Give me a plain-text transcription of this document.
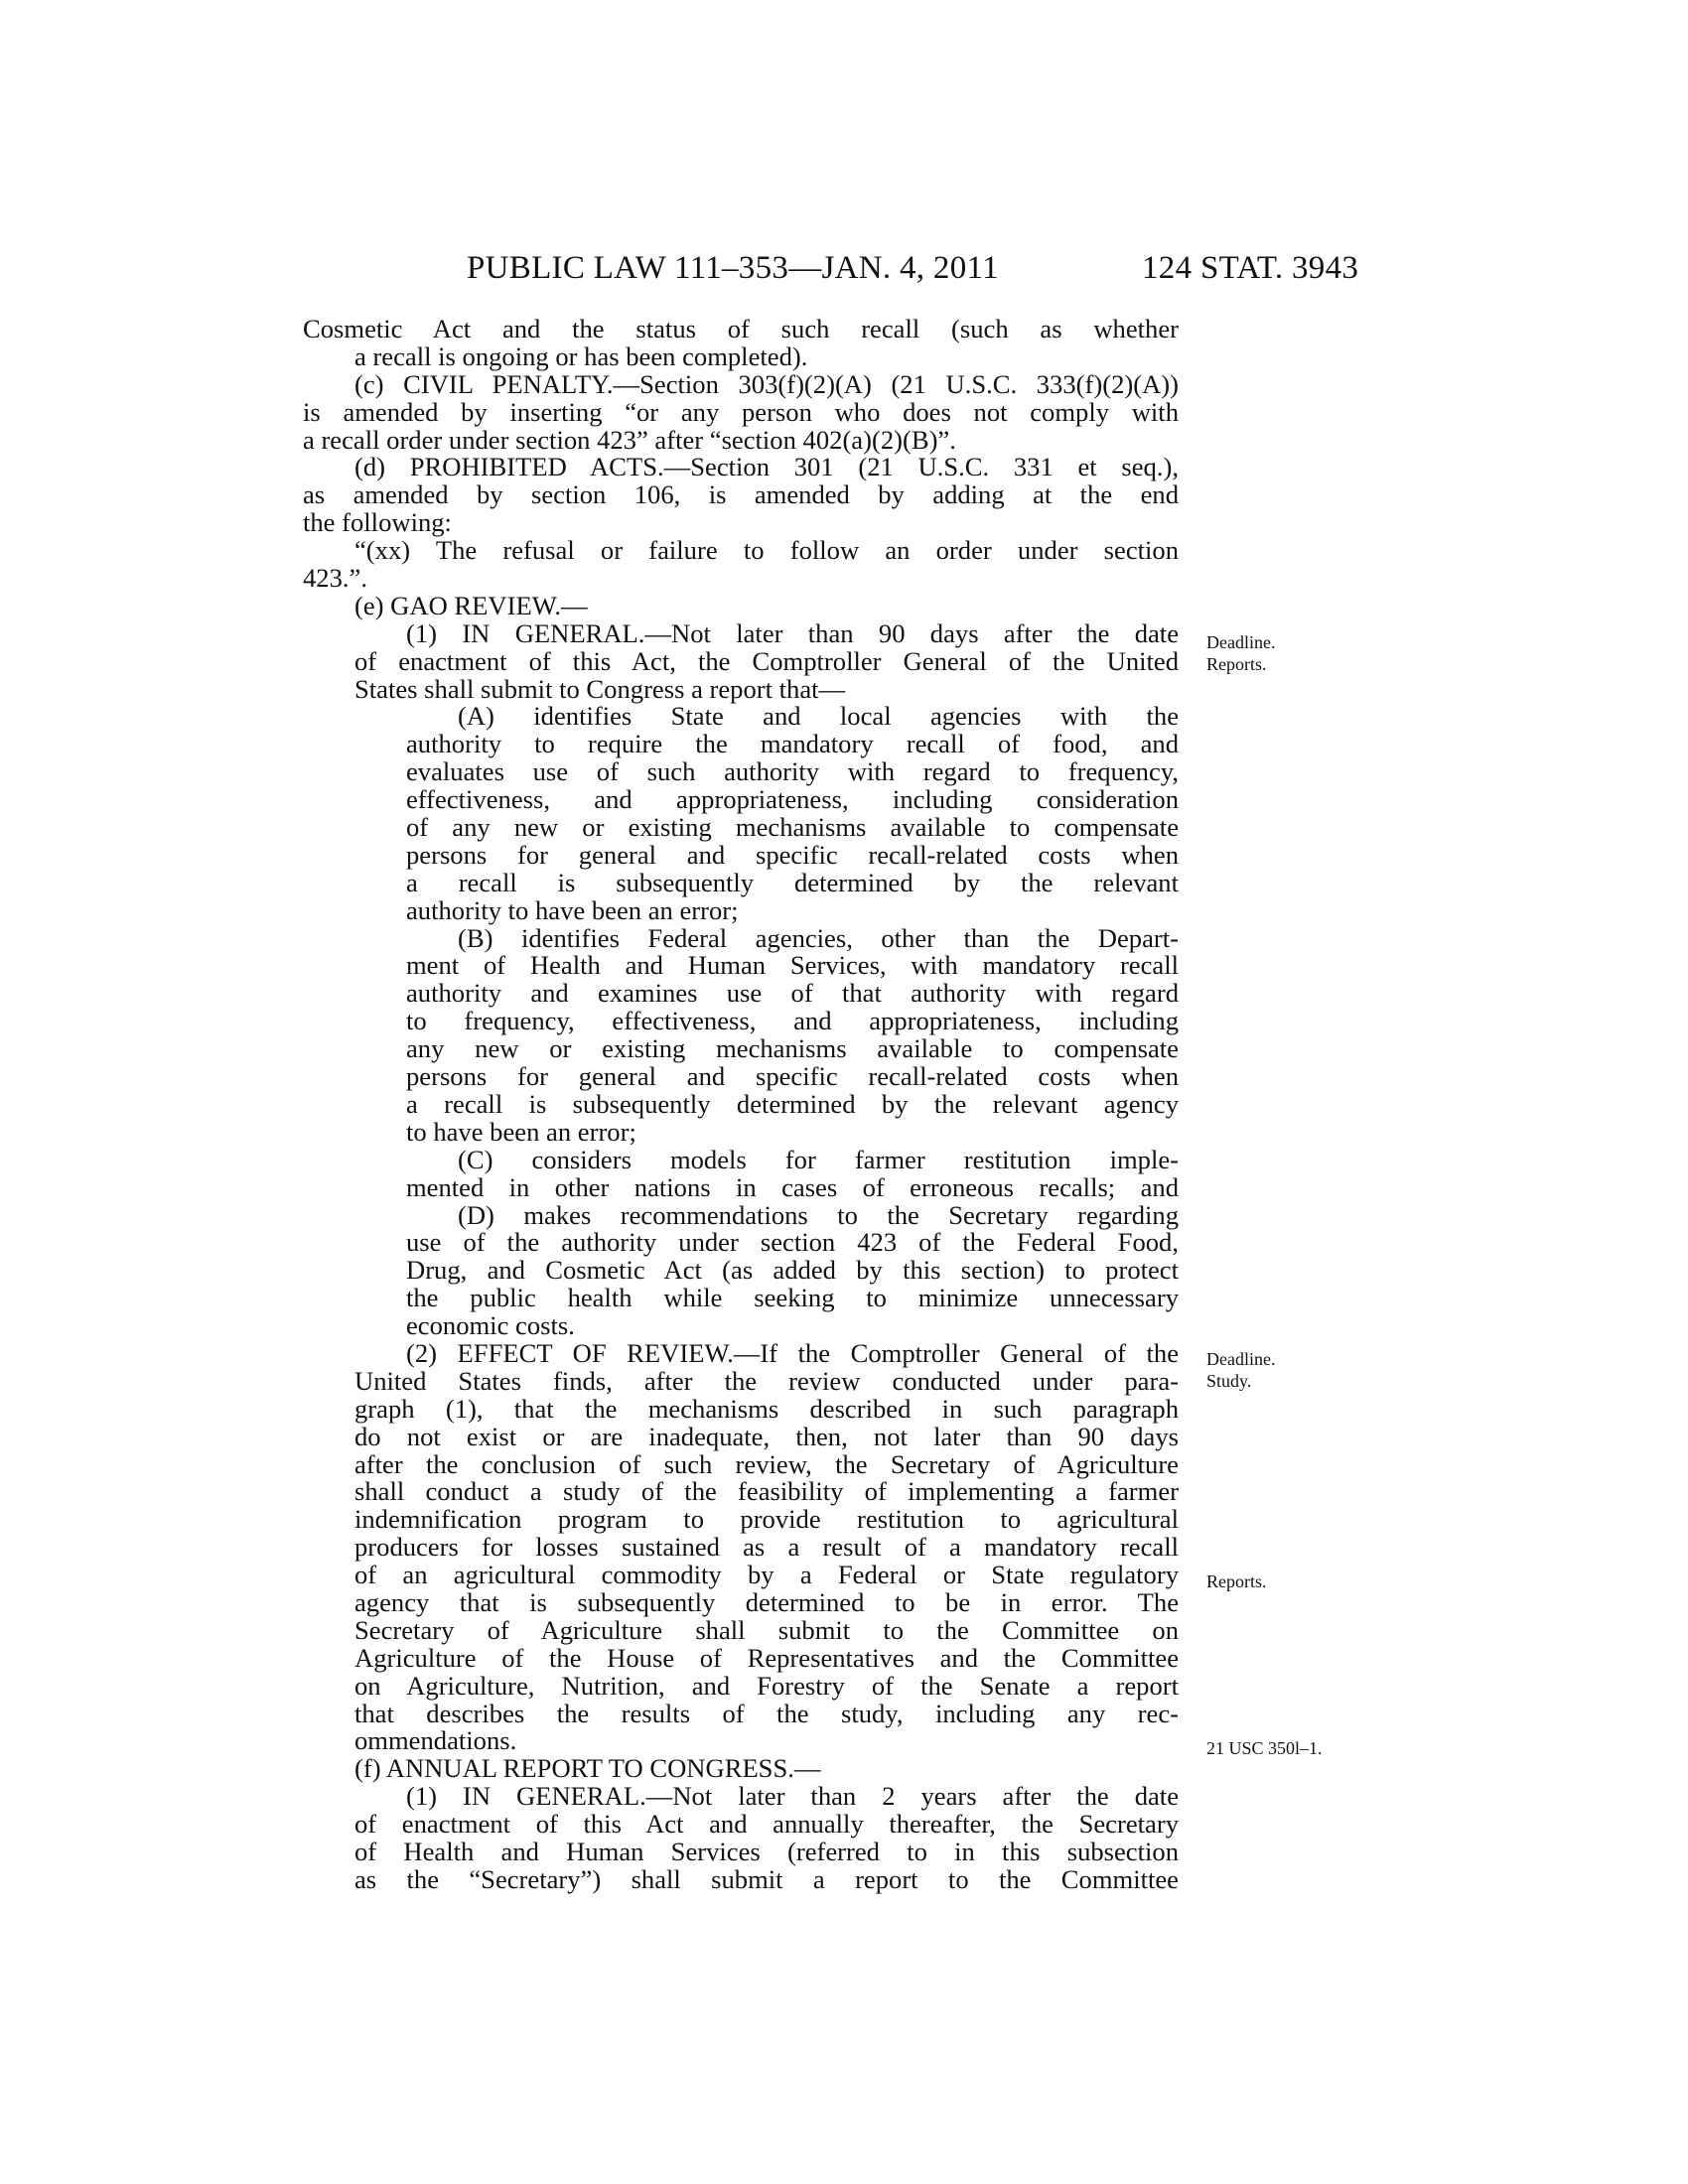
PUBLIC LAW 111–353—JAN. 4, 2011	124 STAT. 3943
Cosmetic Act and the status of such recall (such as whether
a recall is ongoing or has been completed).
(c) CIVIL PENALTY.—Section 303(f)(2)(A) (21 U.S.C. 333(f)(2)(A))
is amended by inserting “or any person who does not comply with
a recall order under section 423” after “section 402(a)(2)(B)”.
(d) PROHIBITED ACTS.—Section 301 (21 U.S.C. 331 et seq.),
as amended by section 106, is amended by adding at the end
the following:
“(xx) The refusal or failure to follow an order under section
423.”.
(e) GAO REVIEW.—
(1) IN GENERAL.—Not later than 90 days after the date
of enactment of this Act, the Comptroller General of the United
States shall submit to Congress a report that—
(A) identifies State and local agencies with the
authority to require the mandatory recall of food, and
evaluates use of such authority with regard to frequency,
effectiveness, and appropriateness, including consideration
of any new or existing mechanisms available to compensate
persons for general and specific recall-related costs when
a recall is subsequently determined by the relevant
authority to have been an error;
(B) identifies Federal agencies, other than the Depart-
ment of Health and Human Services, with mandatory recall
authority and examines use of that authority with regard
to frequency, effectiveness, and appropriateness, including
any new or existing mechanisms available to compensate
persons for general and specific recall-related costs when
a recall is subsequently determined by the relevant agency
to have been an error;
(C) considers models for farmer restitution imple-
mented in other nations in cases of erroneous recalls; and
(D) makes recommendations to the Secretary regarding
use of the authority under section 423 of the Federal Food,
Drug, and Cosmetic Act (as added by this section) to protect
the public health while seeking to minimize unnecessary
economic costs.
(2) EFFECT OF REVIEW.—If the Comptroller General of the
United States finds, after the review conducted under para-
graph (1), that the mechanisms described in such paragraph
do not exist or are inadequate, then, not later than 90 days
after the conclusion of such review, the Secretary of Agriculture
shall conduct a study of the feasibility of implementing a farmer
indemnification program to provide restitution to agricultural
producers for losses sustained as a result of a mandatory recall
of an agricultural commodity by a Federal or State regulatory
agency that is subsequently determined to be in error. The
Secretary of Agriculture shall submit to the Committee on
Agriculture of the House of Representatives and the Committee
on Agriculture, Nutrition, and Forestry of the Senate a report
that describes the results of the study, including any rec-
ommendations.
(f) ANNUAL REPORT TO CONGRESS.—
(1) IN GENERAL.—Not later than 2 years after the date
of enactment of this Act and annually thereafter, the Secretary
of Health and Human Services (referred to in this subsection
as the “Secretary”) shall submit a report to the Committee
Deadline.
Reports.
Deadline.
Study.
Reports.
21 USC 350l–1.
